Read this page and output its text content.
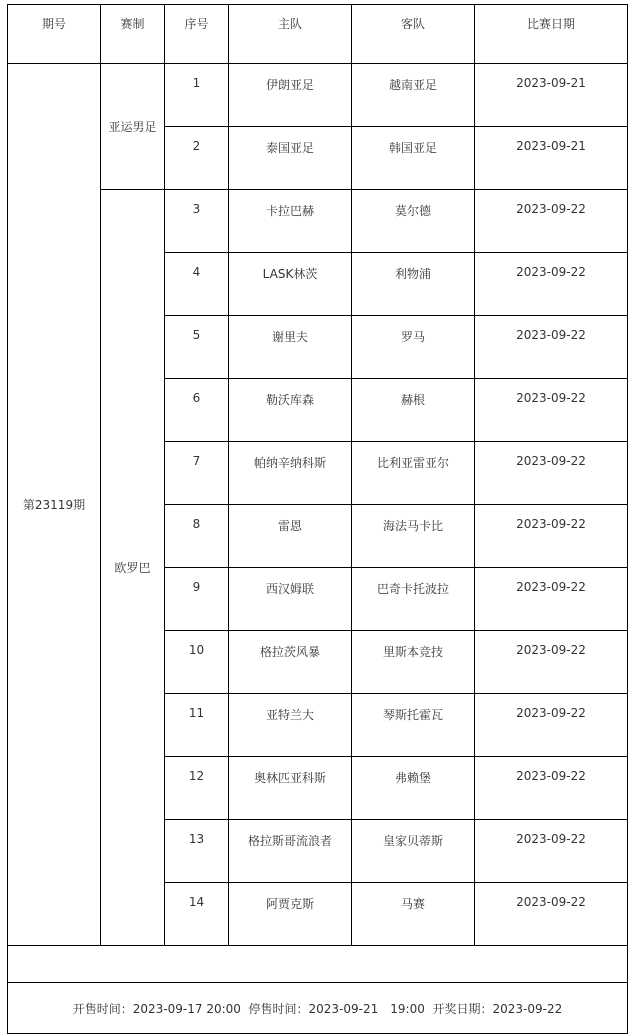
期号	赛制	序号	主队	客队	比赛日期
第23119期	亚运男足	1	伊朗亚足	越南亚足	2023-09-21
		2	泰国亚足	韩国亚足	2023-09-21
	欧罗巴	3	卡拉巴赫	莫尔德	2023-09-22
		4	LASK林茨	利物浦	2023-09-22
		5	谢里夫	罗马	2023-09-22
		6	勒沃库森	赫根	2023-09-22
		7	帕纳辛纳科斯	比利亚雷亚尔	2023-09-22
		8	雷恩	海法马卡比	2023-09-22
		9	西汉姆联	巴奇卡托波拉	2023-09-22
		10	格拉茨风暴	里斯本竞技	2023-09-22
		11	亚特兰大	琴斯托霍瓦	2023-09-22
		12	奥林匹亚科斯	弗赖堡	2023-09-22
		13	格拉斯哥流浪者	皇家贝蒂斯	2023-09-22
		14	阿贾克斯	马赛	2023-09-22

开售时间：2023-09-17 20:00  停售时间：2023-09-21　19:00  开奖日期：2023-09-22					
